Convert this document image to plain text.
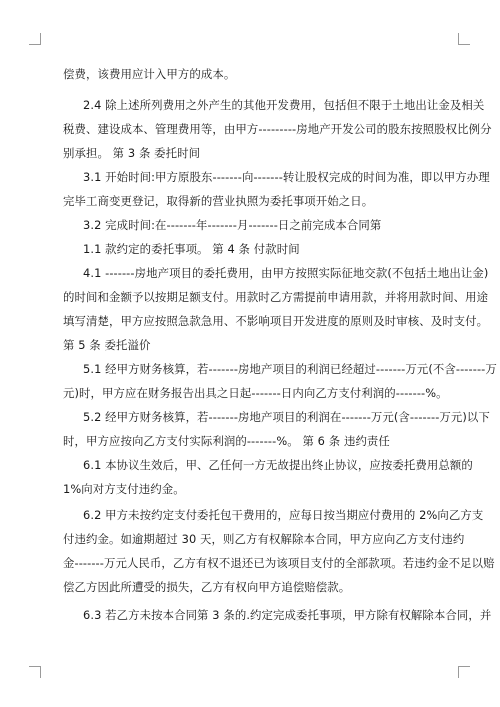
偿费，该费用应计入甲方的成本。
2.4 除上述所列费用之外产生的其他开发费用，包括但不限于土地出让金及相关
税费、建设成本、管理费用等，由甲方---------房地产开发公司的股东按照股权比例分
别承担。 第 3 条 委托时间
3.1 开始时间:甲方原股东-------向-------转让股权完成的时间为准，即以甲方办理
完毕工商变更登记，取得新的营业执照为委托事项开始之日。
3.2 完成时间:在-------年-------月-------日之前完成本合同第
1.1 款约定的委托事项。 第 4 条 付款时间
4.1 -------房地产项目的委托费用，由甲方按照实际征地交款(不包括土地出让金)
的时间和金额予以按期足额支付。用款时乙方需提前申请用款，并将用款时间、用途
填写清楚，甲方应按照急款急用、不影响项目开发进度的原则及时审核、及时支付。
第 5 条 委托溢价
5.1 经甲方财务核算，若-------房地产项目的利润已经超过-------万元(不含-------万
元)时，甲方应在财务报告出具之日起-------日内向乙方支付利润的-------%。
5.2 经甲方财务核算，若-------房地产项目的利润在-------万元(含-------万元)以下
时，甲方应按向乙方支付实际利润的-------%。 第 6 条 违约责任
6.1 本协议生效后，甲、乙任何一方无故提出终止协议，应按委托费用总额的
1%向对方支付违约金。
6.2 甲方未按约定支付委托包干费用的，应每日按当期应付费用的 2%向乙方支
付违约金。如逾期超过 30 天，则乙方有权解除本合同，甲方应向乙方支付违约
金-------万元人民币，乙方有权不退还已为该项目支付的全部款项。若违约金不足以赔
偿乙方因此所遭受的损失，乙方有权向甲方追偿赔偿款。
6.3 若乙方未按本合同第 3 条的.约定完成委托事项，甲方除有权解除本合同，并
